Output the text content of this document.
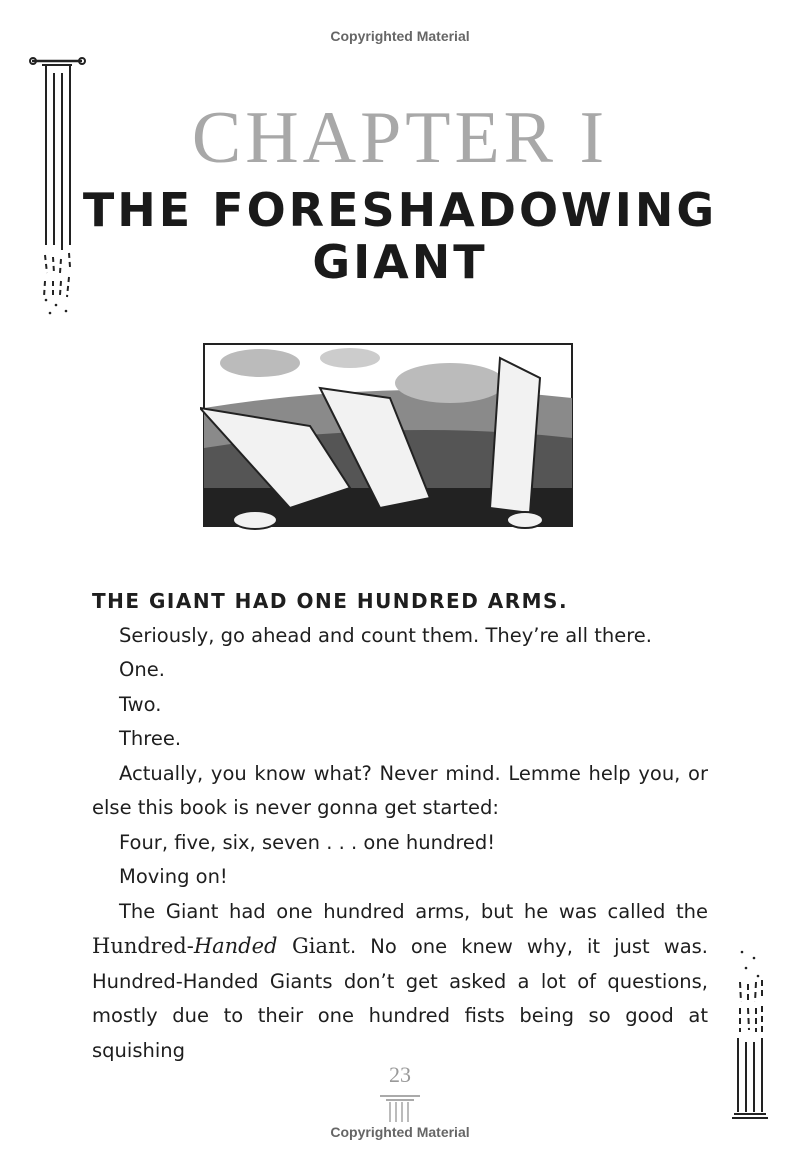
Copyrighted Material
CHAPTER I
THE FORESHADOWING
GIANT

THE GIANT HAD ONE HUNDRED ARMS.

Seriously, go ahead and count them. They’re all there.

One.

Two.

Three.

Actually, you know what? Never mind. Lemme help you, or else this book is never gonna get started:

Four, five, six, seven . . . one hundred!

Moving on!

The Giant had one hundred arms, but he was called the Hundred-Handed Giant. No one knew why, it just was. Hundred-Handed Giants don’t get asked a lot of questions, mostly due to their one hundred fists being so good at squishing

23
Copyrighted Material
